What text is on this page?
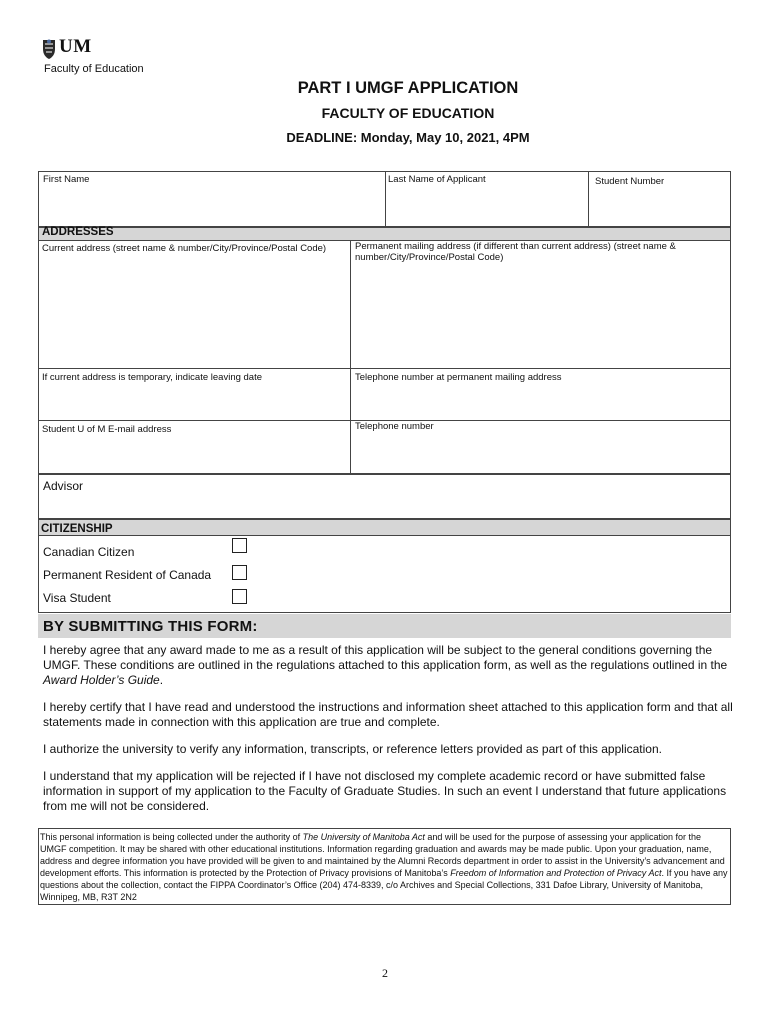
UM
Faculty of Education
PART I UMGF APPLICATION
FACULTY OF EDUCATION
DEADLINE: Monday, May 10, 2021, 4PM
First Name	Last Name of Applicant	Student Number
ADDRESSES
Current address (street name & number/City/Province/Postal Code)	Permanent mailing address (if different than current address) (street name & number/City/Province/Postal Code)
If current address is temporary, indicate leaving date	Telephone number at permanent mailing address
Student U of M E-mail address	Telephone number
Advisor
CITIZENSHIP
Canadian Citizen
Permanent Resident of Canada
Visa Student
BY SUBMITTING THIS FORM:
I hereby agree that any award made to me as a result of this application will be subject to the general conditions governing the UMGF. These conditions are outlined in the regulations attached to this application form, as well as the regulations outlined in the Award Holder’s Guide.
I hereby certify that I have read and understood the instructions and information sheet attached to this application form and that all statements made in connection with this application are true and complete.
I authorize the university to verify any information, transcripts, or reference letters provided as part of this application.
I understand that my application will be rejected if I have not disclosed my complete academic record or have submitted false information in support of my application to the Faculty of Graduate Studies. In such an event I understand that future applications from me will not be considered.
This personal information is being collected under the authority of The University of Manitoba Act and will be used for the purpose of assessing your application for the UMGF competition. It may be shared with other educational institutions. Information regarding graduation and awards may be made public. Upon your graduation, name, address and degree information you have provided will be given to and maintained by the Alumni Records department in order to assist in the University’s advancement and development efforts. This information is protected by the Protection of Privacy provisions of Manitoba’s Freedom of Information and Protection of Privacy Act. If you have any questions about the collection, contact the FIPPA Coordinator’s Office (204) 474-8339, c/o Archives and Special Collections, 331 Dafoe Library, University of Manitoba, Winnipeg, MB, R3T 2N2
2
